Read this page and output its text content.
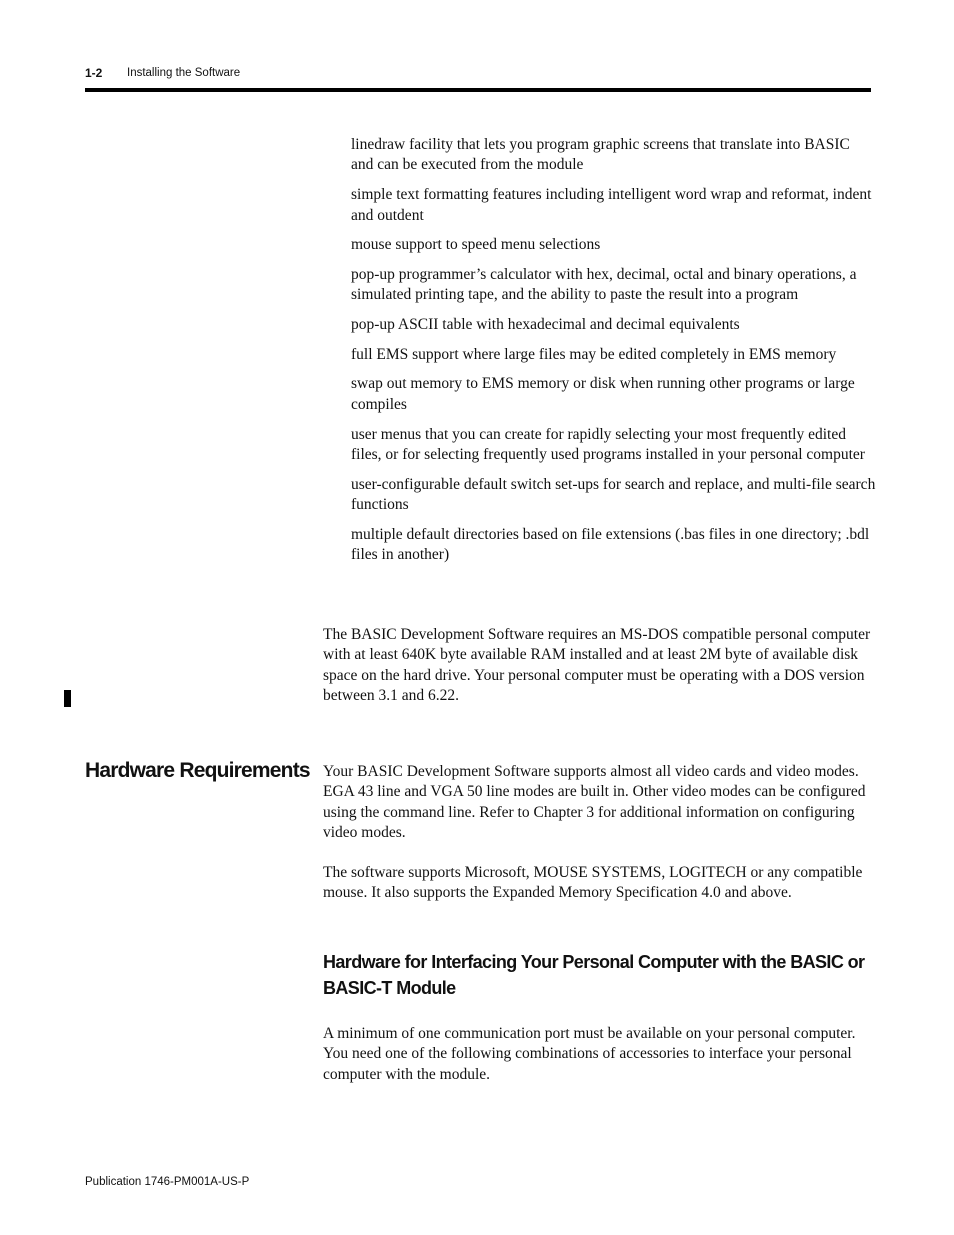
1-2 Installing the Software

linedraw facility that lets you program graphic screens that translate into BASIC and can be executed from the module

simple text formatting features including intelligent word wrap and reformat, indent and outdent

mouse support to speed menu selections

pop-up programmer’s calculator with hex, decimal, octal and binary operations, a simulated printing tape, and the ability to paste the result into a program

pop-up ASCII table with hexadecimal and decimal equivalents

full EMS support where large files may be edited completely in EMS memory

swap out memory to EMS memory or disk when running other programs or large compiles

user menus that you can create for rapidly selecting your most frequently edited files, or for selecting frequently used programs installed in your personal computer

user-configurable default switch set-ups for search and replace, and multi-file search functions

multiple default directories based on file extensions (.bas files in one directory; .bdl files in another)

The BASIC Development Software requires an MS-DOS compatible personal computer with at least 640K byte available RAM installed and at least 2M byte of available disk space on the hard drive. Your personal computer must be operating with a DOS version between 3.1 and 6.22.

Hardware Requirements Your BASIC Development Software supports almost all video cards and video modes. EGA 43 line and VGA 50 line modes are built in. Other video modes can be configured using the command line. Refer to Chapter 3 for additional information on configuring video modes.

The software supports Microsoft, MOUSE SYSTEMS, LOGITECH or any compatible mouse. It also supports the Expanded Memory Specification 4.0 and above.

Hardware for Interfacing Your Personal Computer with the BASIC or BASIC-T Module

A minimum of one communication port must be available on your personal computer. You need one of the following combinations of accessories to interface your personal computer with the module.

Publication 1746-PM001A-US-P
